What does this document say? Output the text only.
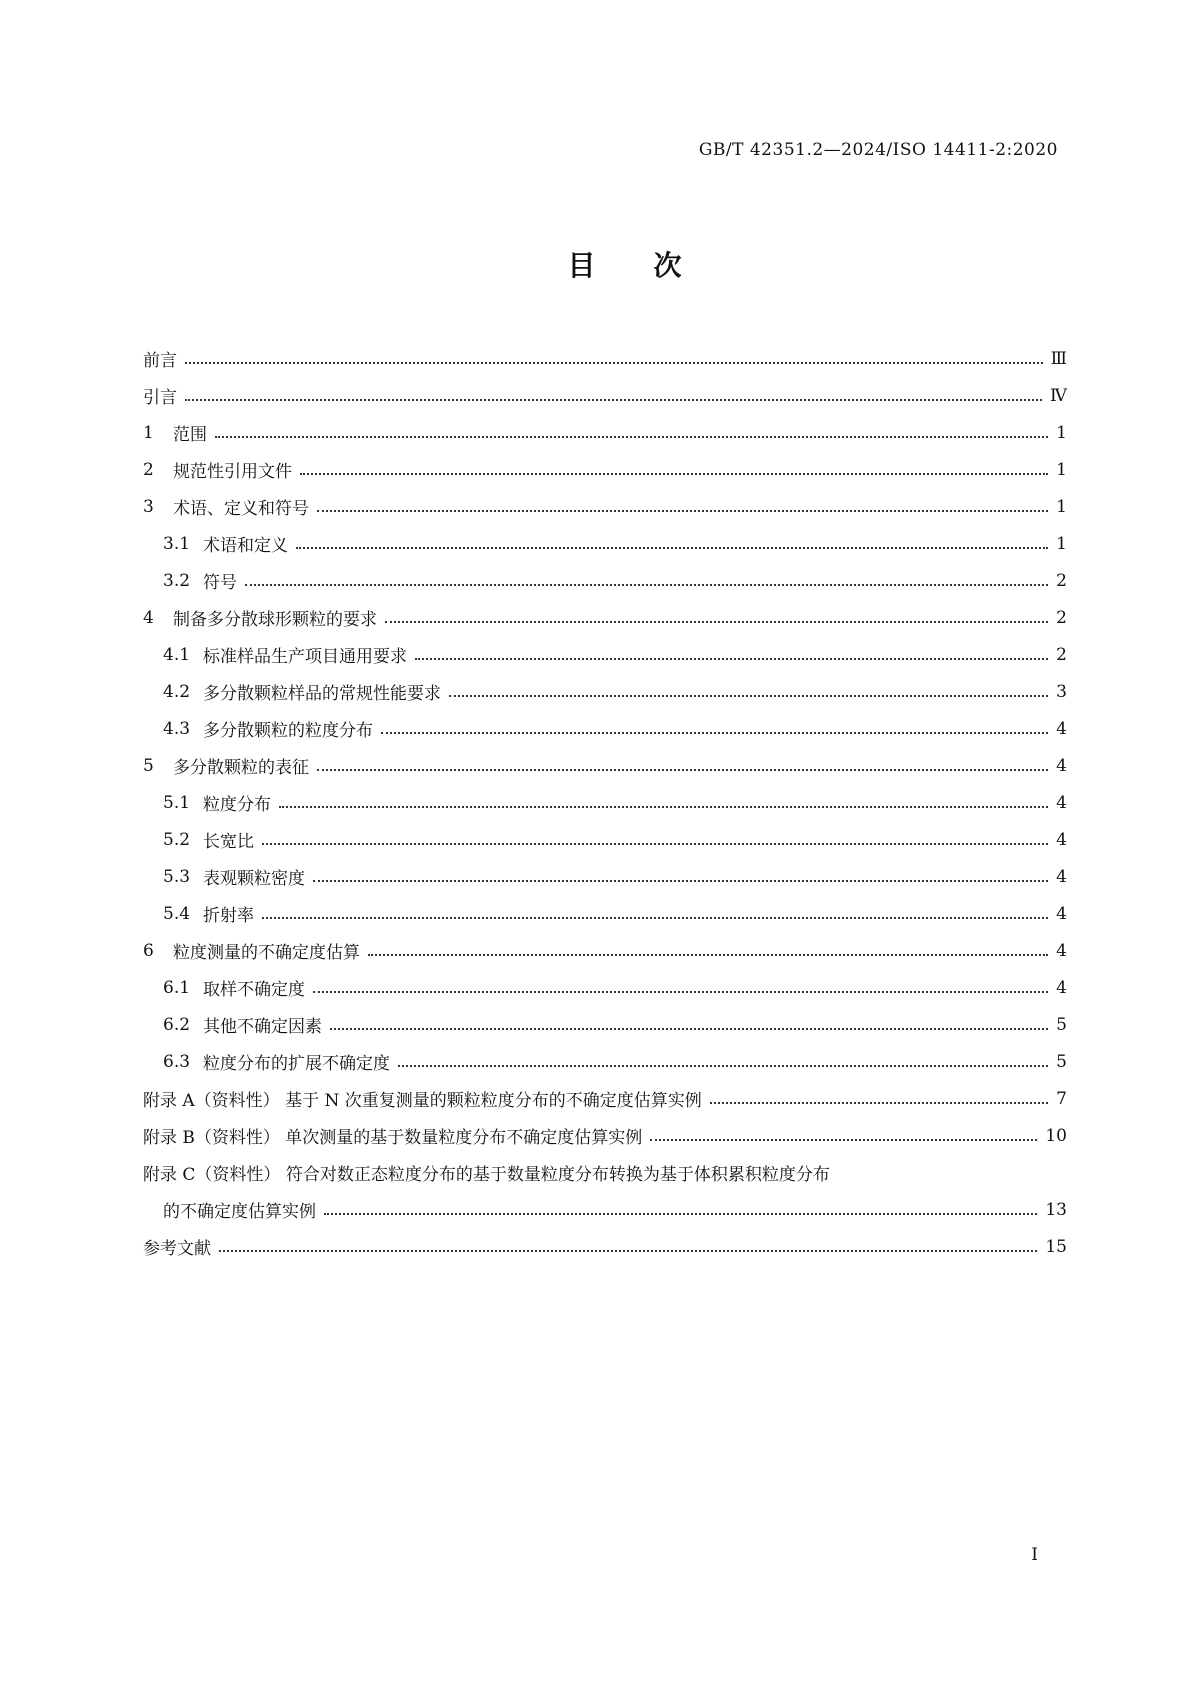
GB/T 42351.2—2024/ISO 14411-2:2020
目次
前言	Ⅲ
引言	Ⅳ
1	范围	1
2	规范性引用文件	1
3	术语、定义和符号	1
3.1 术语和定义	1
3.2 符号	2
4	制备多分散球形颗粒的要求	2
4.1 标准样品生产项目通用要求	2
4.2 多分散颗粒样品的常规性能要求	3
4.3 多分散颗粒的粒度分布	4
5	多分散颗粒的表征	4
5.1 粒度分布	4
5.2 长宽比	4
5.3 表观颗粒密度	4
5.4 折射率	4
6	粒度测量的不确定度估算	4
6.1 取样不确定度	4
6.2 其他不确定因素	5
6.3 粒度分布的扩展不确定度	5
附录 A（资料性） 基于 N 次重复测量的颗粒粒度分布的不确定度估算实例	7
附录 B（资料性） 单次测量的基于数量粒度分布不确定度估算实例	10
附录 C（资料性） 符合对数正态粒度分布的基于数量粒度分布转换为基于体积累积粒度分布
的不确定度估算实例	13
参考文献	15
I
